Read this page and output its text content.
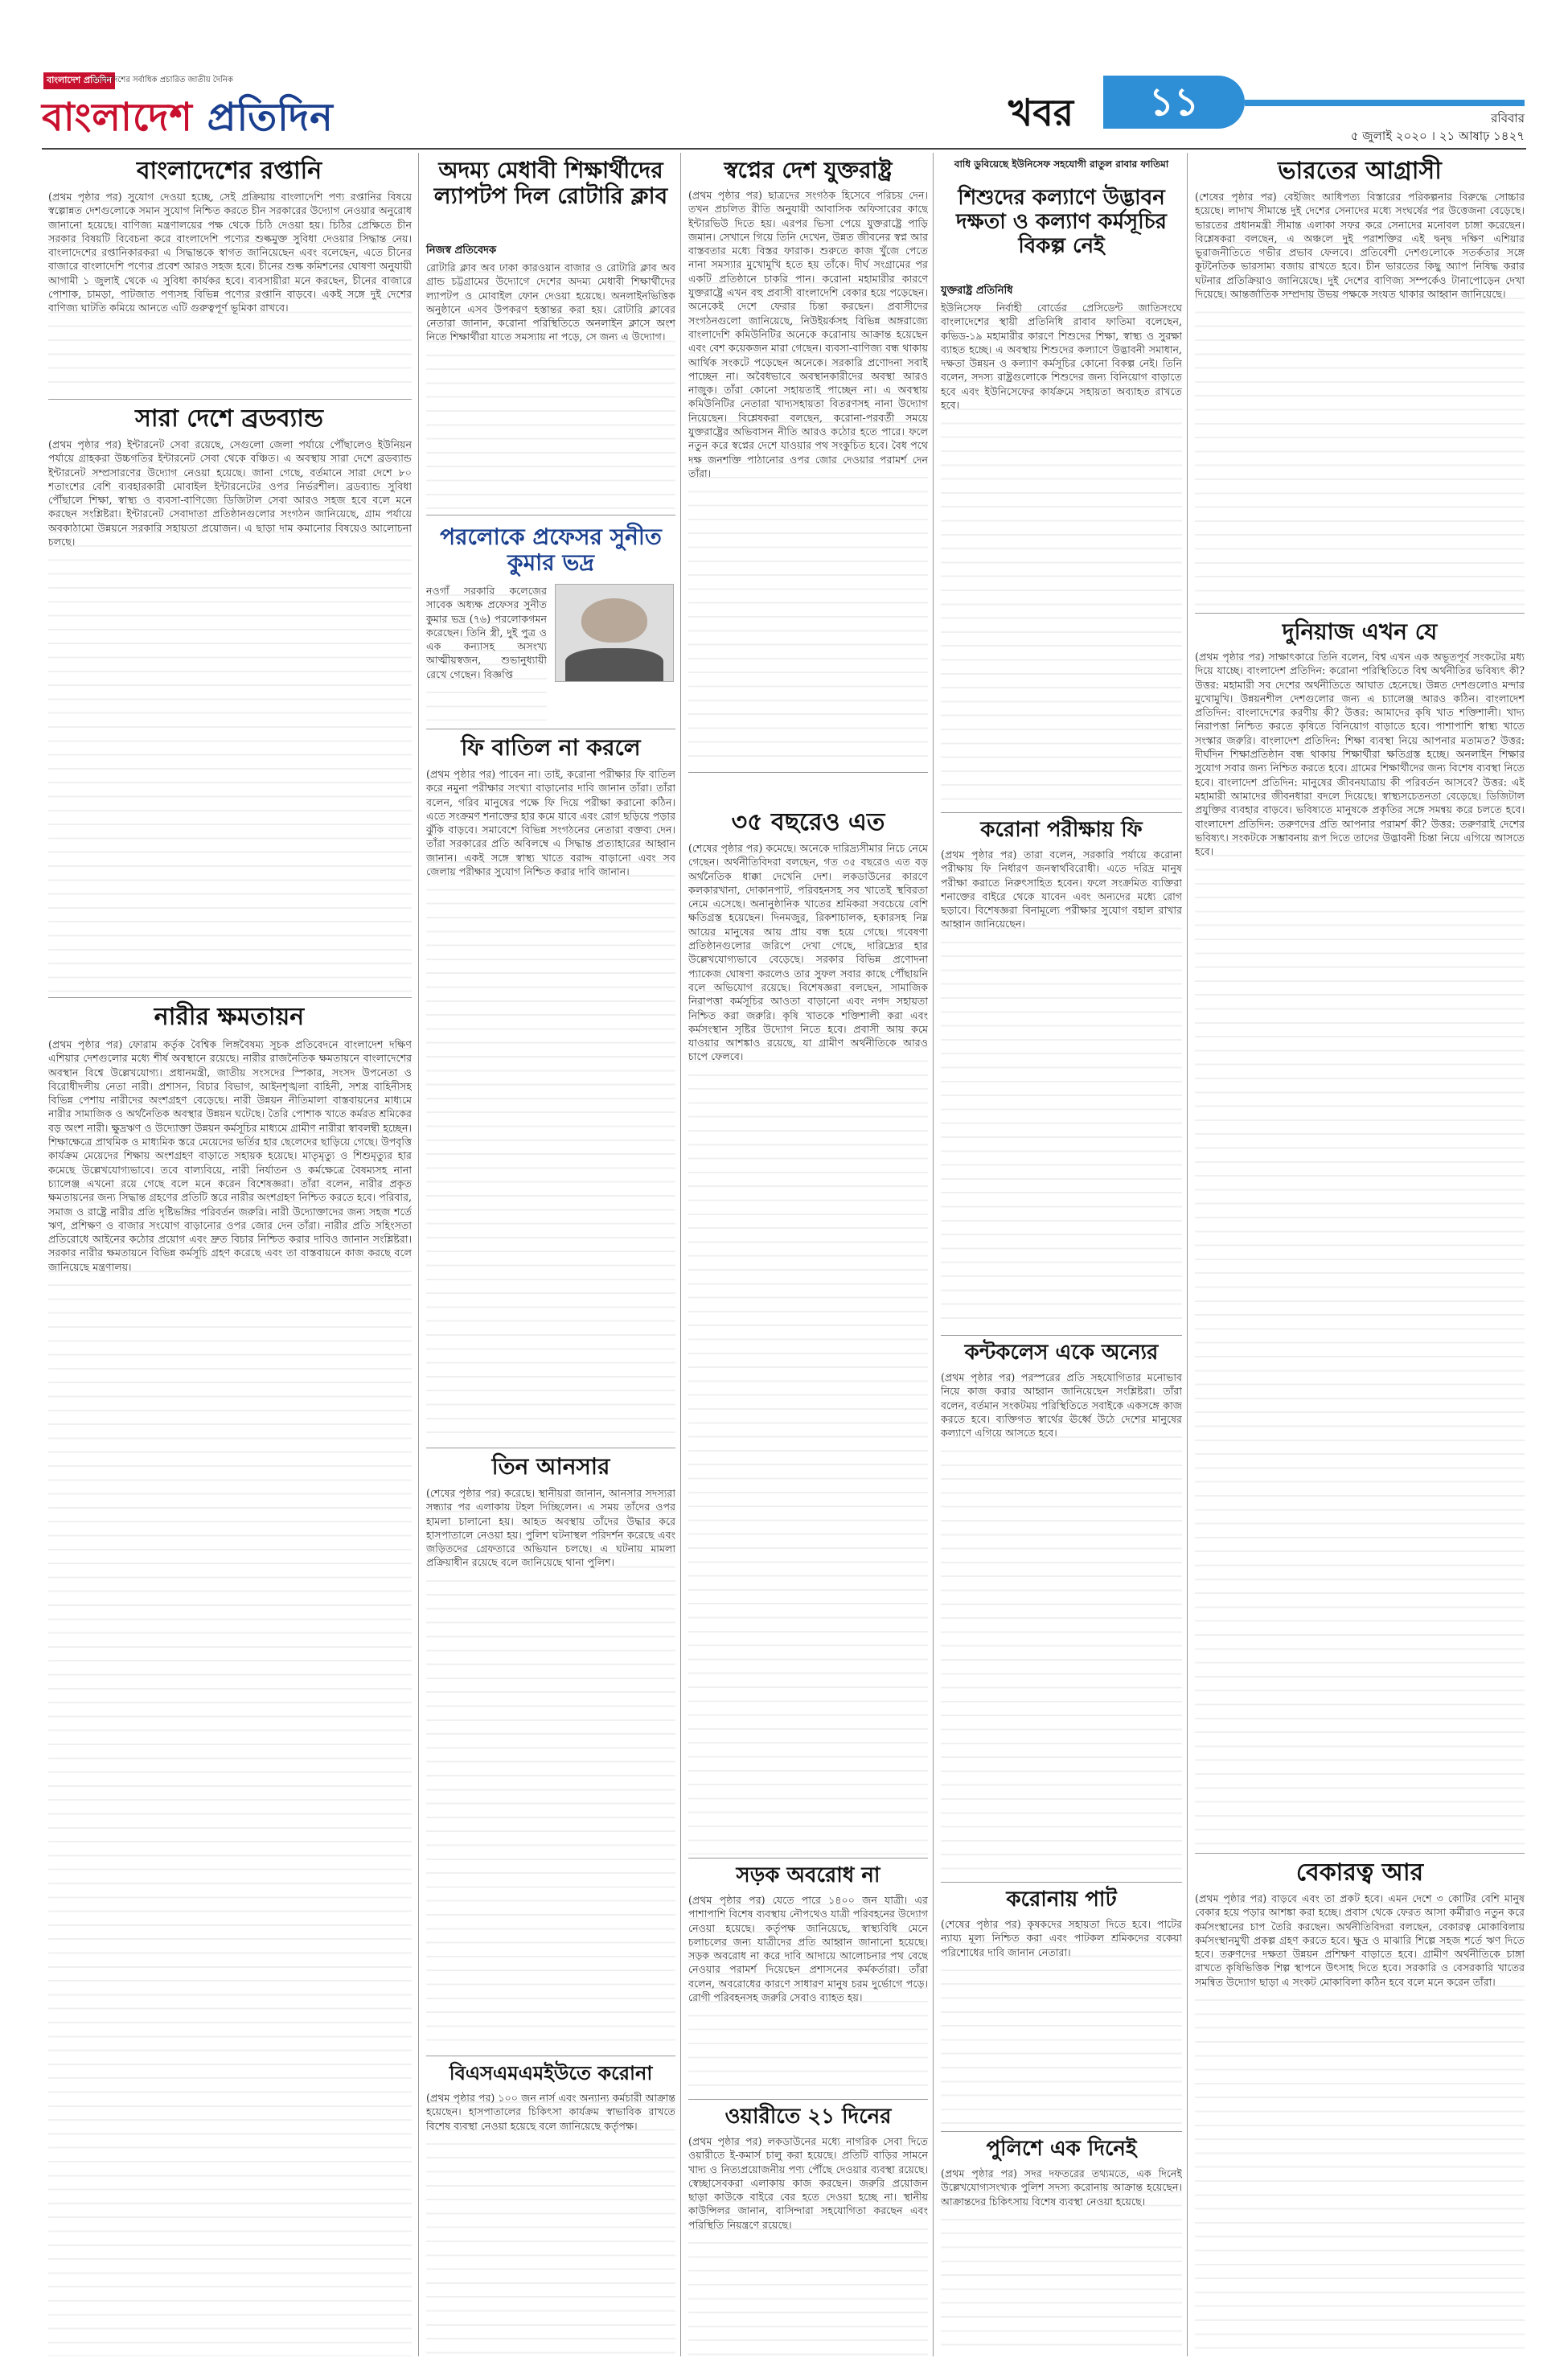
বাংলাদেশ প্রতিদিন
বাংলাদেশের সর্বাধিক প্রচারিত জাতীয় দৈনিক
বাংলাদেশ প্রতিদিন	খবর	১১	রবিবার
৫ জুলাই ২০২০ । ২১ আষাঢ় ১৪২৭
বাংলাদেশের রপ্তানি

(প্রথম পৃষ্ঠার পর) সুযোগ দেওয়া হচ্ছে, সেই প্রক্রিয়ায় বাংলাদেশি পণ্য রপ্তানির বিষয়ে স্বল্পোন্নত দেশগুলোকে সমান সুযোগ নিশ্চিত করতে চীন সরকারের উদ্যোগ নেওয়ার অনুরোধ জানানো হয়েছে। বাণিজ্য মন্ত্রণালয়ের পক্ষ থেকে চিঠি দেওয়া হয়। চিঠির প্রেক্ষিতে চীন সরকার বিষয়টি বিবেচনা করে বাংলাদেশি পণ্যের শুল্কমুক্ত সুবিধা দেওয়ার সিদ্ধান্ত নেয়। বাংলাদেশের রপ্তানিকারকরা এ সিদ্ধান্তকে স্বাগত জানিয়েছেন এবং বলেছেন, এতে চীনের বাজারে বাংলাদেশি পণ্যের প্রবেশ আরও সহজ হবে। চীনের শুল্ক কমিশনের ঘোষণা অনুযায়ী আগামী ১ জুলাই থেকে এ সুবিধা কার্যকর হবে। ব্যবসায়ীরা মনে করছেন, চীনের বাজারে পোশাক, চামড়া, পাটজাত পণ্যসহ বিভিন্ন পণ্যের রপ্তানি বাড়বে। একই সঙ্গে দুই দেশের বাণিজ্য ঘাটতি কমিয়ে আনতে এটি গুরুত্বপূর্ণ ভূমিকা রাখবে।

সারা দেশে ব্রডব্যান্ড

(প্রথম পৃষ্ঠার পর) ইন্টারনেট সেবা রয়েছে, সেগুলো জেলা পর্যায়ে পৌঁছালেও ইউনিয়ন পর্যায়ে গ্রাহকরা উচ্চগতির ইন্টারনেট সেবা থেকে বঞ্চিত। এ অবস্থায় সারা দেশে ব্রডব্যান্ড ইন্টারনেট সম্প্রসারণের উদ্যোগ নেওয়া হয়েছে। জানা গেছে, বর্তমানে সারা দেশে ৮০ শতাংশের বেশি ব্যবহারকারী মোবাইল ইন্টারনেটের ওপর নির্ভরশীল। ব্রডব্যান্ড সুবিধা পৌঁছালে শিক্ষা, স্বাস্থ্য ও ব্যবসা-বাণিজ্যে ডিজিটাল সেবা আরও সহজ হবে বলে মনে করছেন সংশ্লিষ্টরা। ইন্টারনেট সেবাদাতা প্রতিষ্ঠানগুলোর সংগঠন জানিয়েছে, গ্রাম পর্যায়ে অবকাঠামো উন্নয়নে সরকারি সহায়তা প্রয়োজন। এ ছাড়া দাম কমানোর বিষয়েও আলোচনা চলছে।

নারীর ক্ষমতায়ন

(প্রথম পৃষ্ঠার পর) ফোরাম কর্তৃক বৈশ্বিক লিঙ্গবৈষম্য সূচক প্রতিবেদনে বাংলাদেশ দক্ষিণ এশিয়ার দেশগুলোর মধ্যে শীর্ষ অবস্থানে রয়েছে। নারীর রাজনৈতিক ক্ষমতায়নে বাংলাদেশের অবস্থান বিশ্বে উল্লেখযোগ্য। প্রধানমন্ত্রী, জাতীয় সংসদের স্পিকার, সংসদ উপনেতা ও বিরোধীদলীয় নেতা নারী। প্রশাসন, বিচার বিভাগ, আইনশৃঙ্খলা বাহিনী, সশস্ত্র বাহিনীসহ বিভিন্ন পেশায় নারীদের অংশগ্রহণ বেড়েছে। নারী উন্নয়ন নীতিমালা বাস্তবায়নের মাধ্যমে নারীর সামাজিক ও অর্থনৈতিক অবস্থার উন্নয়ন ঘটেছে। তৈরি পোশাক খাতে কর্মরত শ্রমিকের বড় অংশ নারী। ক্ষুদ্রঋণ ও উদ্যোক্তা উন্নয়ন কর্মসূচির মাধ্যমে গ্রামীণ নারীরা স্বাবলম্বী হচ্ছেন। শিক্ষাক্ষেত্রে প্রাথমিক ও মাধ্যমিক স্তরে মেয়েদের ভর্তির হার ছেলেদের ছাড়িয়ে গেছে। উপবৃত্তি কার্যক্রম মেয়েদের শিক্ষায় অংশগ্রহণ বাড়াতে সহায়ক হয়েছে। মাতৃমৃত্যু ও শিশুমৃত্যুর হার কমেছে উল্লেখযোগ্যভাবে। তবে বাল্যবিয়ে, নারী নির্যাতন ও কর্মক্ষেত্রে বৈষম্যসহ নানা চ্যালেঞ্জ এখনো রয়ে গেছে বলে মনে করেন বিশেষজ্ঞরা। তাঁরা বলেন, নারীর প্রকৃত ক্ষমতায়নের জন্য সিদ্ধান্ত গ্রহণের প্রতিটি স্তরে নারীর অংশগ্রহণ নিশ্চিত করতে হবে। পরিবার, সমাজ ও রাষ্ট্রে নারীর প্রতি দৃষ্টিভঙ্গির পরিবর্তন জরুরি। নারী উদ্যোক্তাদের জন্য সহজ শর্তে ঋণ, প্রশিক্ষণ ও বাজার সংযোগ বাড়ানোর ওপর জোর দেন তাঁরা। নারীর প্রতি সহিংসতা প্রতিরোধে আইনের কঠোর প্রয়োগ এবং দ্রুত বিচার নিশ্চিত করার দাবিও জানান সংশ্লিষ্টরা। সরকার নারীর ক্ষমতায়নে বিভিন্ন কর্মসূচি গ্রহণ করেছে এবং তা বাস্তবায়নে কাজ করছে বলে জানিয়েছে মন্ত্রণালয়।

অদম্য মেধাবী শিক্ষার্থীদের ল্যাপটপ দিল রোটারি ক্লাব
নিজস্ব প্রতিবেদক

রোটারি ক্লাব অব ঢাকা কারওয়ান বাজার ও রোটারি ক্লাব অব গ্রান্ড চট্টগ্রামের উদ্যোগে দেশের অদম্য মেধাবী শিক্ষার্থীদের ল্যাপটপ ও মোবাইল ফোন দেওয়া হয়েছে। অনলাইনভিত্তিক অনুষ্ঠানে এসব উপকরণ হস্তান্তর করা হয়। রোটারি ক্লাবের নেতারা জানান, করোনা পরিস্থিতিতে অনলাইন ক্লাসে অংশ নিতে শিক্ষার্থীরা যাতে সমস্যায় না পড়ে, সে জন্য এ উদ্যোগ।

পরলোকে প্রফেসর সুনীত কুমার ভদ্র

নওগাঁ সরকারি কলেজের সাবেক অধ্যক্ষ প্রফেসর সুনীত কুমার ভদ্র (৭৬) পরলোকগমন করেছেন। তিনি স্ত্রী, দুই পুত্র ও এক কন্যাসহ অসংখ্য আত্মীয়স্বজন, শুভানুধ্যায়ী রেখে গেছেন। বিজ্ঞপ্তি

ফি বাতিল না করলে

(প্রথম পৃষ্ঠার পর) পাবেন না। তাই, করোনা পরীক্ষার ফি বাতিল করে নমুনা পরীক্ষার সংখ্যা বাড়ানোর দাবি জানান তাঁরা। তাঁরা বলেন, গরিব মানুষের পক্ষে ফি দিয়ে পরীক্ষা করানো কঠিন। এতে সংক্রমণ শনাক্তের হার কমে যাবে এবং রোগ ছড়িয়ে পড়ার ঝুঁকি বাড়বে। সমাবেশে বিভিন্ন সংগঠনের নেতারা বক্তব্য দেন। তাঁরা সরকারের প্রতি অবিলম্বে এ সিদ্ধান্ত প্রত্যাহারের আহ্বান জানান। একই সঙ্গে স্বাস্থ্য খাতে বরাদ্দ বাড়ানো এবং সব জেলায় পরীক্ষার সুযোগ নিশ্চিত করার দাবি জানান।

তিন আনসার

(শেষের পৃষ্ঠার পর) করেছে। স্থানীয়রা জানান, আনসার সদস্যরা সন্ধ্যার পর এলাকায় টহল দিচ্ছিলেন। এ সময় তাঁদের ওপর হামলা চালানো হয়। আহত অবস্থায় তাঁদের উদ্ধার করে হাসপাতালে নেওয়া হয়। পুলিশ ঘটনাস্থল পরিদর্শন করেছে এবং জড়িতদের গ্রেফতারে অভিযান চলছে। এ ঘটনায় মামলা প্রক্রিয়াধীন রয়েছে বলে জানিয়েছে থানা পুলিশ।

বিএসএমএমইউতে করোনা

(প্রথম পৃষ্ঠার পর) ১০০ জন নার্স এবং অন্যান্য কর্মচারী আক্রান্ত হয়েছেন। হাসপাতালের চিকিৎসা কার্যক্রম স্বাভাবিক রাখতে বিশেষ ব্যবস্থা নেওয়া হয়েছে বলে জানিয়েছে কর্তৃপক্ষ।

স্বপ্নের দেশ যুক্তরাষ্ট্র

(প্রথম পৃষ্ঠার পর) ছাত্রদের সংগঠক হিসেবে পরিচয় দেন। তখন প্রচলিত রীতি অনুযায়ী আবাসিক অফিসারের কাছে ইন্টারভিউ দিতে হয়। এরপর ভিসা পেয়ে যুক্তরাষ্ট্রে পাড়ি জমান। সেখানে গিয়ে তিনি দেখেন, উন্নত জীবনের স্বপ্ন আর বাস্তবতার মধ্যে বিস্তর ফারাক। শুরুতে কাজ খুঁজে পেতে নানা সমস্যার মুখোমুখি হতে হয় তাঁকে। দীর্ঘ সংগ্রামের পর একটি প্রতিষ্ঠানে চাকরি পান। করোনা মহামারীর কারণে যুক্তরাষ্ট্রে এখন বহু প্রবাসী বাংলাদেশি বেকার হয়ে পড়েছেন। অনেকেই দেশে ফেরার চিন্তা করছেন। প্রবাসীদের সংগঠনগুলো জানিয়েছে, নিউইয়র্কসহ বিভিন্ন অঙ্গরাজ্যে বাংলাদেশি কমিউনিটির অনেকে করোনায় আক্রান্ত হয়েছেন এবং বেশ কয়েকজন মারা গেছেন। ব্যবসা-বাণিজ্য বন্ধ থাকায় আর্থিক সংকটে পড়েছেন অনেকে। সরকারি প্রণোদনা সবাই পাচ্ছেন না। অবৈধভাবে অবস্থানকারীদের অবস্থা আরও নাজুক। তাঁরা কোনো সহায়তাই পাচ্ছেন না। এ অবস্থায় কমিউনিটির নেতারা খাদ্যসহায়তা বিতরণসহ নানা উদ্যোগ নিয়েছেন। বিশ্লেষকরা বলছেন, করোনা-পরবর্তী সময়ে যুক্তরাষ্ট্রের অভিবাসন নীতি আরও কঠোর হতে পারে। ফলে নতুন করে স্বপ্নের দেশে যাওয়ার পথ সংকুচিত হবে। বৈধ পথে দক্ষ জনশক্তি পাঠানোর ওপর জোর দেওয়ার পরামর্শ দেন তাঁরা।

৩৫ বছরেও এত

(শেষের পৃষ্ঠার পর) কমেছে। অনেকে দারিদ্র্যসীমার নিচে নেমে গেছেন। অর্থনীতিবিদরা বলছেন, গত ৩৫ বছরেও এত বড় অর্থনৈতিক ধাক্কা দেখেনি দেশ। লকডাউনের কারণে কলকারখানা, দোকানপাট, পরিবহনসহ সব খাতেই স্থবিরতা নেমে এসেছে। অনানুষ্ঠানিক খাতের শ্রমিকরা সবচেয়ে বেশি ক্ষতিগ্রস্ত হয়েছেন। দিনমজুর, রিকশাচালক, হকারসহ নিম্ন আয়ের মানুষের আয় প্রায় বন্ধ হয়ে গেছে। গবেষণা প্রতিষ্ঠানগুলোর জরিপে দেখা গেছে, দারিদ্র্যের হার উল্লেখযোগ্যভাবে বেড়েছে। সরকার বিভিন্ন প্রণোদনা প্যাকেজ ঘোষণা করলেও তার সুফল সবার কাছে পৌঁছায়নি বলে অভিযোগ রয়েছে। বিশেষজ্ঞরা বলছেন, সামাজিক নিরাপত্তা কর্মসূচির আওতা বাড়ানো এবং নগদ সহায়তা নিশ্চিত করা জরুরি। কৃষি খাতকে শক্তিশালী করা এবং কর্মসংস্থান সৃষ্টির উদ্যোগ নিতে হবে। প্রবাসী আয় কমে যাওয়ার আশঙ্কাও রয়েছে, যা গ্রামীণ অর্থনীতিকে আরও চাপে ফেলবে।

সড়ক অবরোধ না

(প্রথম পৃষ্ঠার পর) যেতে পারে ১৪০০ জন যাত্রী। এর পাশাপাশি বিশেষ ব্যবস্থায় নৌপথেও যাত্রী পরিবহনের উদ্যোগ নেওয়া হয়েছে। কর্তৃপক্ষ জানিয়েছে, স্বাস্থ্যবিধি মেনে চলাচলের জন্য যাত্রীদের প্রতি আহ্বান জানানো হয়েছে। সড়ক অবরোধ না করে দাবি আদায়ে আলোচনার পথ বেছে নেওয়ার পরামর্শ দিয়েছেন প্রশাসনের কর্মকর্তারা। তাঁরা বলেন, অবরোধের কারণে সাধারণ মানুষ চরম দুর্ভোগে পড়ে। রোগী পরিবহনসহ জরুরি সেবাও ব্যাহত হয়।

ওয়ারীতে ২১ দিনের

(প্রথম পৃষ্ঠার পর) লকডাউনের মধ্যে নাগরিক সেবা দিতে ওয়ারীতে ই-কমার্স চালু করা হয়েছে। প্রতিটি বাড়ির সামনে খাদ্য ও নিত্যপ্রয়োজনীয় পণ্য পৌঁছে দেওয়ার ব্যবস্থা রয়েছে। স্বেচ্ছাসেবকরা এলাকায় কাজ করছেন। জরুরি প্রয়োজন ছাড়া কাউকে বাইরে বের হতে দেওয়া হচ্ছে না। স্থানীয় কাউন্সিলর জানান, বাসিন্দারা সহযোগিতা করছেন এবং পরিস্থিতি নিয়ন্ত্রণে রয়েছে।

বাধি ডুবিয়েছে ইউনিসেফ সহযোগী রাতুল রাবার ফাতিমা
শিশুদের কল্যাণে উদ্ভাবন দক্ষতা ও কল্যাণ কর্মসূচির বিকল্প নেই
যুক্তরাষ্ট্র প্রতিনিধি

ইউনিসেফ নির্বাহী বোর্ডের প্রেসিডেন্ট জাতিসংঘে বাংলাদেশের স্থায়ী প্রতিনিধি রাবাব ফাতিমা বলেছেন, কভিড-১৯ মহামারীর কারণে শিশুদের শিক্ষা, স্বাস্থ্য ও সুরক্ষা ব্যাহত হচ্ছে। এ অবস্থায় শিশুদের কল্যাণে উদ্ভাবনী সমাধান, দক্ষতা উন্নয়ন ও কল্যাণ কর্মসূচির কোনো বিকল্প নেই। তিনি বলেন, সদস্য রাষ্ট্রগুলোকে শিশুদের জন্য বিনিয়োগ বাড়াতে হবে এবং ইউনিসেফের কার্যক্রমে সহায়তা অব্যাহত রাখতে হবে।

করোনা পরীক্ষায় ফি

(প্রথম পৃষ্ঠার পর) তারা বলেন, সরকারি পর্যায়ে করোনা পরীক্ষায় ফি নির্ধারণ জনস্বার্থবিরোধী। এতে দরিদ্র মানুষ পরীক্ষা করাতে নিরুৎসাহিত হবেন। ফলে সংক্রমিত ব্যক্তিরা শনাক্তের বাইরে থেকে যাবেন এবং অন্যদের মধ্যে রোগ ছড়াবে। বিশেষজ্ঞরা বিনামূল্যে পরীক্ষার সুযোগ বহাল রাখার আহ্বান জানিয়েছেন।

কন্টকলেস একে অন্যের

(প্রথম পৃষ্ঠার পর) পরস্পরের প্রতি সহযোগিতার মনোভাব নিয়ে কাজ করার আহ্বান জানিয়েছেন সংশ্লিষ্টরা। তাঁরা বলেন, বর্তমান সংকটময় পরিস্থিতিতে সবাইকে একসঙ্গে কাজ করতে হবে। ব্যক্তিগত স্বার্থের ঊর্ধ্বে উঠে দেশের মানুষের কল্যাণে এগিয়ে আসতে হবে।

করোনায় পাট

(শেষের পৃষ্ঠার পর) কৃষকদের সহায়তা দিতে হবে। পাটের ন্যায্য মূল্য নিশ্চিত করা এবং পাটকল শ্রমিকদের বকেয়া পরিশোধের দাবি জানান নেতারা।

পুলিশে এক দিনেই

(প্রথম পৃষ্ঠার পর) সদর দফতরের তথ্যমতে, এক দিনেই উল্লেখযোগ্যসংখ্যক পুলিশ সদস্য করোনায় আক্রান্ত হয়েছেন। আক্রান্তদের চিকিৎসায় বিশেষ ব্যবস্থা নেওয়া হয়েছে।

ভারতের আগ্রাসী

(শেষের পৃষ্ঠার পর) বেইজিং আধিপত্য বিস্তারের পরিকল্পনার বিরুদ্ধে সোচ্চার হয়েছে। লাদাখ সীমান্তে দুই দেশের সেনাদের মধ্যে সংঘর্ষের পর উত্তেজনা বেড়েছে। ভারতের প্রধানমন্ত্রী সীমান্ত এলাকা সফর করে সেনাদের মনোবল চাঙ্গা করেছেন। বিশ্লেষকরা বলছেন, এ অঞ্চলে দুই পরাশক্তির এই দ্বন্দ্ব দক্ষিণ এশিয়ার ভূরাজনীতিতে গভীর প্রভাব ফেলবে। প্রতিবেশী দেশগুলোকে সতর্কতার সঙ্গে কূটনৈতিক ভারসাম্য বজায় রাখতে হবে। চীন ভারতের কিছু অ্যাপ নিষিদ্ধ করার ঘটনার প্রতিক্রিয়াও জানিয়েছে। দুই দেশের বাণিজ্য সম্পর্কেও টানাপোড়েন দেখা দিয়েছে। আন্তর্জাতিক সম্প্রদায় উভয় পক্ষকে সংযত থাকার আহ্বান জানিয়েছে।

দুনিয়াজ এখন যে

(প্রথম পৃষ্ঠার পর) সাক্ষাৎকারে তিনি বলেন, বিশ্ব এখন এক অভূতপূর্ব সংকটের মধ্য দিয়ে যাচ্ছে। বাংলাদেশ প্রতিদিন: করোনা পরিস্থিতিতে বিশ্ব অর্থনীতির ভবিষ্যৎ কী? উত্তর: মহামারী সব দেশের অর্থনীতিতে আঘাত হেনেছে। উন্নত দেশগুলোও মন্দার মুখোমুখি। উন্নয়নশীল দেশগুলোর জন্য এ চ্যালেঞ্জ আরও কঠিন। বাংলাদেশ প্রতিদিন: বাংলাদেশের করণীয় কী? উত্তর: আমাদের কৃষি খাত শক্তিশালী। খাদ্য নিরাপত্তা নিশ্চিত করতে কৃষিতে বিনিয়োগ বাড়াতে হবে। পাশাপাশি স্বাস্থ্য খাতে সংস্কার জরুরি। বাংলাদেশ প্রতিদিন: শিক্ষা ব্যবস্থা নিয়ে আপনার মতামত? উত্তর: দীর্ঘদিন শিক্ষাপ্রতিষ্ঠান বন্ধ থাকায় শিক্ষার্থীরা ক্ষতিগ্রস্ত হচ্ছে। অনলাইন শিক্ষার সুযোগ সবার জন্য নিশ্চিত করতে হবে। গ্রামের শিক্ষার্থীদের জন্য বিশেষ ব্যবস্থা নিতে হবে। বাংলাদেশ প্রতিদিন: মানুষের জীবনযাত্রায় কী পরিবর্তন আসবে? উত্তর: এই মহামারী আমাদের জীবনধারা বদলে দিয়েছে। স্বাস্থ্যসচেতনতা বেড়েছে। ডিজিটাল প্রযুক্তির ব্যবহার বাড়বে। ভবিষ্যতে মানুষকে প্রকৃতির সঙ্গে সমন্বয় করে চলতে হবে। বাংলাদেশ প্রতিদিন: তরুণদের প্রতি আপনার পরামর্শ কী? উত্তর: তরুণরাই দেশের ভবিষ্যৎ। সংকটকে সম্ভাবনায় রূপ দিতে তাদের উদ্ভাবনী চিন্তা নিয়ে এগিয়ে আসতে হবে।

বেকারত্ব আর

(প্রথম পৃষ্ঠার পর) বাড়বে এবং তা প্রকট হবে। এমন দেশে ৩ কোটির বেশি মানুষ বেকার হয়ে পড়ার আশঙ্কা করা হচ্ছে। প্রবাস থেকে ফেরত আসা কর্মীরাও নতুন করে কর্মসংস্থানের চাপ তৈরি করছেন। অর্থনীতিবিদরা বলছেন, বেকারত্ব মোকাবিলায় কর্মসংস্থানমুখী প্রকল্প গ্রহণ করতে হবে। ক্ষুদ্র ও মাঝারি শিল্পে সহজ শর্তে ঋণ দিতে হবে। তরুণদের দক্ষতা উন্নয়ন প্রশিক্ষণ বাড়াতে হবে। গ্রামীণ অর্থনীতিকে চাঙ্গা রাখতে কৃষিভিত্তিক শিল্প স্থাপনে উৎসাহ দিতে হবে। সরকারি ও বেসরকারি খাতের সমন্বিত উদ্যোগ ছাড়া এ সংকট মোকাবিলা কঠিন হবে বলে মনে করেন তাঁরা।
